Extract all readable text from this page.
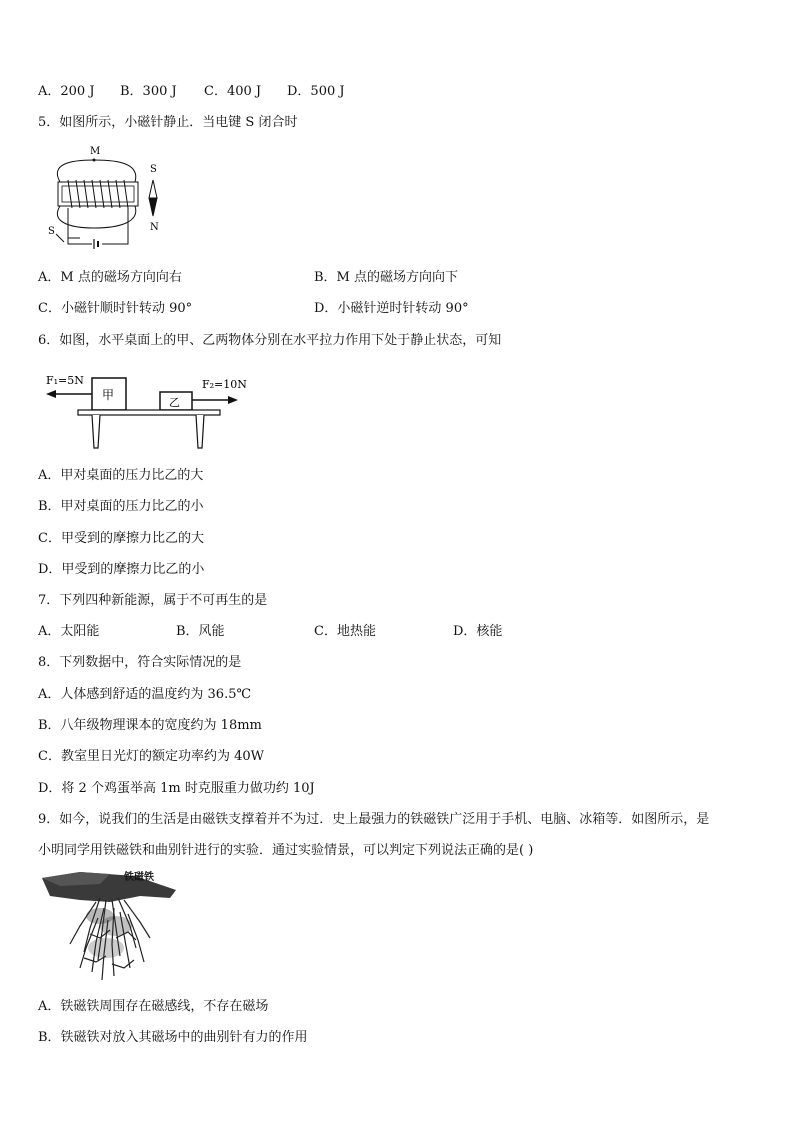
A．200 J B．300 J C．400 J D．500 J
5．如图所示，小磁针静止．当电键 S 闭合时
M
S
S
N
A．M 点的磁场方向向右	B．M 点的磁场方向向下
C．小磁针顺时针转动 90°	D．小磁针逆时针转动 90°
6．如图，水平桌面上的甲、乙两物体分别在水平拉力作用下处于静止状态，可知
F₁=5N	F₂=10N
甲
乙
A．甲对桌面的压力比乙的大
B．甲对桌面的压力比乙的小
C．甲受到的摩擦力比乙的大
D．甲受到的摩擦力比乙的小
7．下列四种新能源，属于不可再生的是
A．太阳能	B．风能	C．地热能	D．核能
8．下列数据中，符合实际情况的是
A．人体感到舒适的温度约为 36.5℃
B．八年级物理课本的宽度约为 18mm
C．教室里日光灯的额定功率约为 40W
D．将 2 个鸡蛋举高 1m 时克服重力做功约 10J
9．如今，说我们的生活是由磁铁支撑着并不为过．史上最强力的铁磁铁广泛用于手机、电脑、冰箱等．如图所示，是
小明同学用铁磁铁和曲别针进行的实验．通过实验情景，可以判定下列说法正确的是( )
铁磁铁
A．铁磁铁周围存在磁感线，不存在磁场
B．铁磁铁对放入其磁场中的曲别针有力的作用
